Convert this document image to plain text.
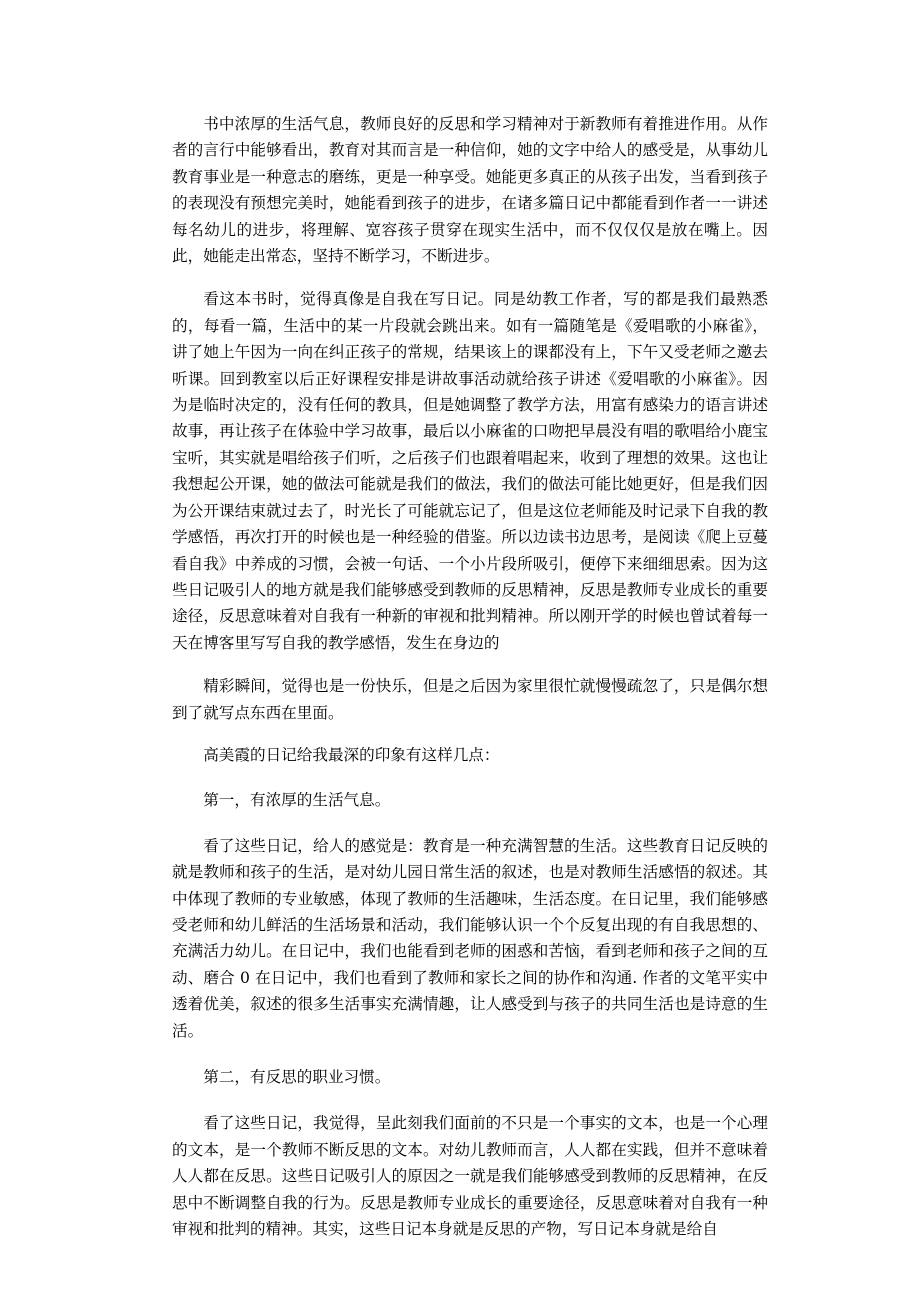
书中浓厚的生活气息，教师良好的反思和学习精神对于新教师有着推进作用。从作者的言行中能够看出，教育对其而言是一种信仰，她的文字中给人的感受是，从事幼儿教育事业是一种意志的磨练，更是一种享受。她能更多真正的从孩子出发，当看到孩子的表现没有预想完美时，她能看到孩子的进步，在诸多篇日记中都能看到作者一一讲述每名幼儿的进步，将理解、宽容孩子贯穿在现实生活中，而不仅仅仅是放在嘴上。因此，她能走出常态，坚持不断学习，不断进步。

看这本书时，觉得真像是自我在写日记。同是幼教工作者，写的都是我们最熟悉的，每看一篇，生活中的某一片段就会跳出来。如有一篇随笔是《爱唱歌的小麻雀》，讲了她上午因为一向在纠正孩子的常规，结果该上的课都没有上，下午又受老师之邀去听课。回到教室以后正好课程安排是讲故事活动就给孩子讲述《爱唱歌的小麻雀》。因为是临时决定的，没有任何的教具，但是她调整了教学方法，用富有感染力的语言讲述故事，再让孩子在体验中学习故事，最后以小麻雀的口吻把早晨没有唱的歌唱给小鹿宝宝听，其实就是唱给孩子们听，之后孩子们也跟着唱起来，收到了理想的效果。这也让我想起公开课，她的做法可能就是我们的做法，我们的做法可能比她更好，但是我们因为公开课结束就过去了，时光长了可能就忘记了，但是这位老师能及时记录下自我的教学感悟，再次打开的时候也是一种经验的借鉴。所以边读书边思考，是阅读《爬上豆蔓看自我》中养成的习惯，会被一句话、一个小片段所吸引，便停下来细细思索。因为这些日记吸引人的地方就是我们能够感受到教师的反思精神，反思是教师专业成长的重要途径，反思意味着对自我有一种新的审视和批判精神。所以刚开学的时候也曾试着每一天在博客里写写自我的教学感悟，发生在身边的

精彩瞬间，觉得也是一份快乐，但是之后因为家里很忙就慢慢疏忽了，只是偶尔想到了就写点东西在里面。

高美霞的日记给我最深的印象有这样几点：

第一，有浓厚的生活气息。

看了这些日记，给人的感觉是：教育是一种充满智慧的生活。这些教育日记反映的就是教师和孩子的生活，是对幼儿园日常生活的叙述，也是对教师生活感悟的叙述。其中体现了教师的专业敏感，体现了教师的生活趣味，生活态度。在日记里，我们能够感受老师和幼儿鲜活的生活场景和活动，我们能够认识一个个反复出现的有自我思想的、充满活力幼儿。在日记中，我们也能看到老师的困惑和苦恼，看到老师和孩子之间的互动、磨合 0 在日记中，我们也看到了教师和家长之间的协作和沟通. 作者的文笔平实中透着优美，叙述的很多生活事实充满情趣，让人感受到与孩子的共同生活也是诗意的生活。

第二，有反思的职业习惯。

看了这些日记，我觉得，呈此刻我们面前的不只是一个事实的文本，也是一个心理的文本，是一个教师不断反思的文本。对幼儿教师而言，人人都在实践，但并不意味着人人都在反思。这些日记吸引人的原因之一就是我们能够感受到教师的反思精神，在反思中不断调整自我的行为。反思是教师专业成长的重要途径，反思意味着对自我有一种审视和批判的精神。其实，这些日记本身就是反思的产物，写日记本身就是给自
